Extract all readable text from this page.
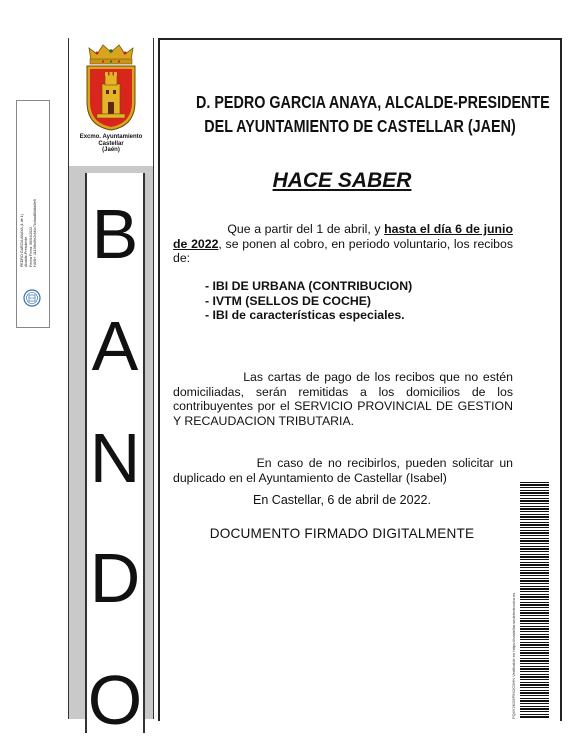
PEDRO GARCIA ANAYA (1 de 1) Alcalde-Presidente Fecha Firma: 06/04/2022 HASH: 1113f8c0fe2cfd4c7b4bad80dbb0e9
Excmo. Ayuntamiento
Castellar
(Jaén)
B
A
N
D
O
D. PEDRO GARCIA ANAYA, ALCALDE-PRESIDENTE
DEL AYUNTAMIENTO DE CASTELLAR (JAEN)
HACE SABER
Que a partir del 1 de abril, y hasta el día 6 de junio de 2022, se ponen al cobro, en periodo voluntario, los recibos de:
- IBI DE URBANA (CONTRIBUCION)
- IVTM (SELLOS DE COCHE)
- IBI de características especiales.
Las cartas de pago de los recibos que no estén domiciliadas, serán remitidas a los domicilios de los contribuyentes por el SERVICIO PROVINCIAL DE GESTION Y RECAUDACION TRIBUTARIA.
En caso de no recibirlos, pueden solicitar un duplicado en el Ayuntamiento de Castellar (Isabel)
En Castellar, 6 de abril de 2022.
DOCUMENTO FIRMADO DIGITALMENTE
FQ4Y2KD5P9X2C0HN Verificable en https://castellar.sedelectronica.es
